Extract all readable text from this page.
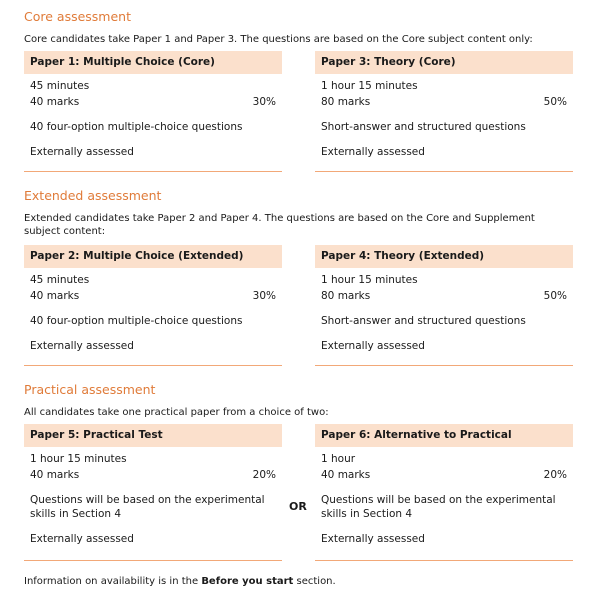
Core assessment
Core candidates take Paper 1 and Paper 3. The questions are based on the Core subject content only:
Paper 1: Multiple Choice (Core)
45 minutes
40 marks	30%
40 four-option multiple-choice questions
Externally assessed
Paper 3: Theory (Core)
1 hour 15 minutes
80 marks	50%
Short-answer and structured questions
Externally assessed
Extended assessment
Extended candidates take Paper 2 and Paper 4. The questions are based on the Core and Supplement subject content:
Paper 2: Multiple Choice (Extended)
45 minutes
40 marks	30%
40 four-option multiple-choice questions
Externally assessed
Paper 4: Theory (Extended)
1 hour 15 minutes
80 marks	50%
Short-answer and structured questions
Externally assessed
Practical assessment
All candidates take one practical paper from a choice of two:
Paper 5: Practical Test
1 hour 15 minutes
40 marks	20%
Questions will be based on the experimental
skills in Section 4
Externally assessed
OR
Paper 6: Alternative to Practical
1 hour
40 marks	20%
Questions will be based on the experimental
skills in Section 4
Externally assessed
Information on availability is in the Before you start section.
